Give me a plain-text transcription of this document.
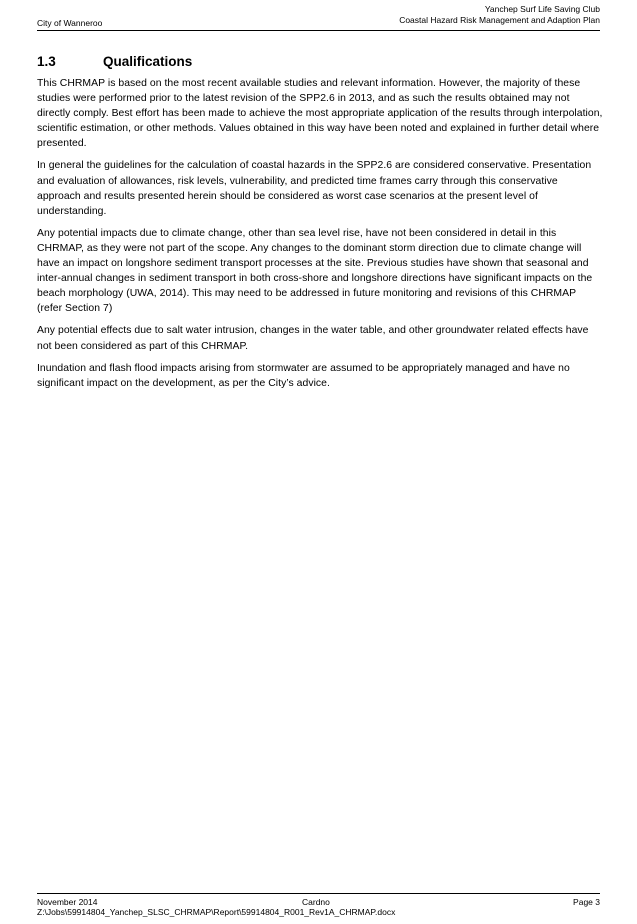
City of Wanneroo
Yanchep Surf Life Saving Club
Coastal Hazard Risk Management and Adaption Plan
1.3	Qualifications

This CHRMAP is based on the most recent available studies and relevant information. However, the majority of these studies were performed prior to the latest revision of the SPP2.6 in 2013, and as such the results obtained may not directly comply. Best effort has been made to achieve the most appropriate application of the results through interpolation, scientific estimation, or other methods. Values obtained in this way have been noted and explained in further detail where presented.

In general the guidelines for the calculation of coastal hazards in the SPP2.6 are considered conservative. Presentation and evaluation of allowances, risk levels, vulnerability, and predicted time frames carry through this conservative approach and results presented herein should be considered as worst case scenarios at the present level of understanding.

Any potential impacts due to climate change, other than sea level rise, have not been considered in detail in this CHRMAP, as they were not part of the scope. Any changes to the dominant storm direction due to climate change will have an impact on longshore sediment transport processes at the site. Previous studies have shown that seasonal and inter-annual changes in sediment transport in both cross-shore and longshore directions have significant impacts on the beach morphology (UWA, 2014). This may need to be addressed in future monitoring and revisions of this CHRMAP (refer Section 7)

Any potential effects due to salt water intrusion, changes in the water table, and other groundwater related effects have not been considered as part of this CHRMAP.

Inundation and flash flood impacts arising from stormwater are assumed to be appropriately managed and have no significant impact on the development, as per the City’s advice.

November 2014	Cardno	Page 3
Z:\Jobs\59914804_Yanchep_SLSC_CHRMAP\Report\59914804_R001_Rev1A_CHRMAP.docx
